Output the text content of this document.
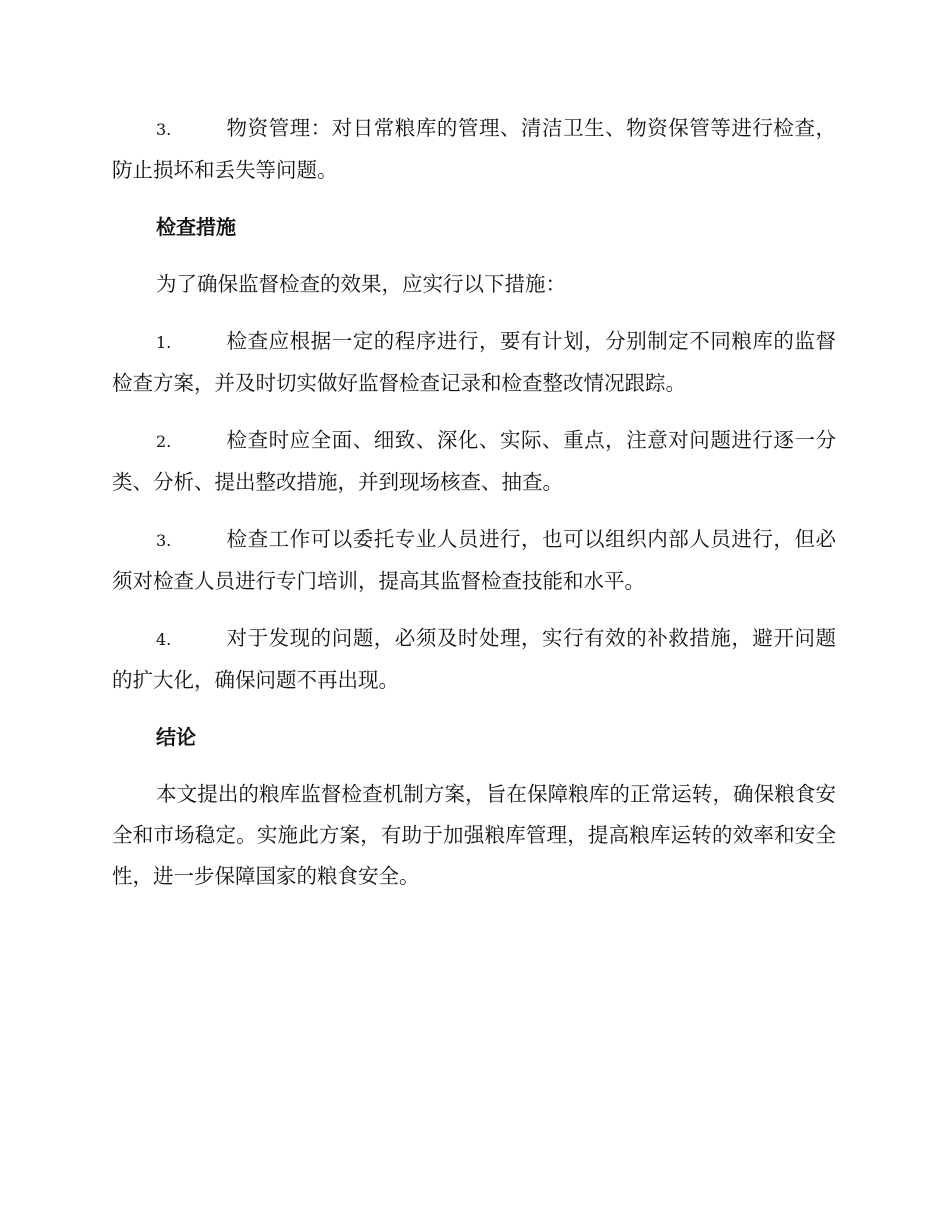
3.	物资管理：对日常粮库的管理、清洁卫生、物资保管等进行检查，防止损坏和丢失等问题。

检查措施

为了确保监督检查的效果，应实行以下措施：

1.	检查应根据一定的程序进行，要有计划，分别制定不同粮库的监督检查方案，并及时切实做好监督检查记录和检查整改情况跟踪。

2.	检查时应全面、细致、深化、实际、重点，注意对问题进行逐一分类、分析、提出整改措施，并到现场核查、抽查。

3.	检查工作可以委托专业人员进行，也可以组织内部人员进行，但必须对检查人员进行专门培训，提高其监督检查技能和水平。

4.	对于发现的问题，必须及时处理，实行有效的补救措施，避开问题的扩大化，确保问题不再出现。

结论

本文提出的粮库监督检查机制方案，旨在保障粮库的正常运转，确保粮食安全和市场稳定。实施此方案，有助于加强粮库管理，提高粮库运转的效率和安全性，进一步保障国家的粮食安全。
